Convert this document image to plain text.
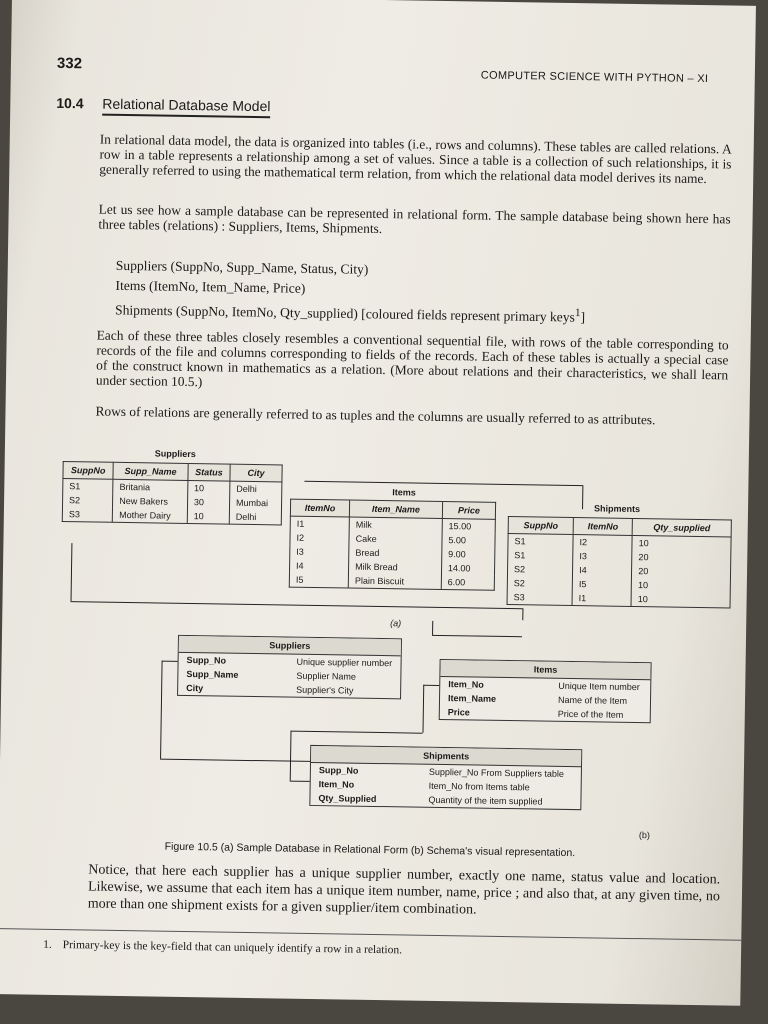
332
COMPUTER SCIENCE WITH PYTHON – XI
10.4 Relational Database Model
In relational data model, the data is organized into tables (i.e., rows and columns). These tables are called relations. A row in a table represents a relationship among a set of values. Since a table is a collection of such relationships, it is generally referred to using the mathematical term relation, from which the relational data model derives its name.
Let us see how a sample database can be represented in relational form. The sample database being shown here has three tables (relations) : Suppliers, Items, Shipments.
Suppliers (SuppNo, Supp_Name, Status, City)
Items (ItemNo, Item_Name, Price)
Shipments (SuppNo, ItemNo, Qty_supplied) [coloured fields represent primary keys$^1$]
Each of these three tables closely resembles a conventional sequential file, with rows of the table corresponding to records of the file and columns corresponding to fields of the records. Each of these tables is actually a special case of the construct known in mathematics as a relation. (More about relations and their characteristics, we shall learn under section 10.5.)
Rows of relations are generally referred to as tuples and the columns are usually referred to as attributes.
Suppliers
SuppNo	Supp_Name	Status	City
S1	Britania	10	Delhi
S2	New Bakers	30	Mumbai
S3	Mother Dairy	10	Delhi
Items
ItemNo	Item_Name	Price
I1	Milk	15.00
I2	Cake	5.00
I3	Bread	9.00
I4	Milk Bread	14.00
I5	Plain Biscuit	6.00
(a)
Shipments
SuppNo	ItemNo	Qty_supplied
S1	I2	10
S1	I3	20
S2	I4	20
S2	I5	10
S3	I1	10
Suppliers
Supp_No	Unique supplier number
Supp_Name	Supplier Name
City	Supplier's City
Items
Item_No	Unique Item number
Item_Name	Name of the Item
Price	Price of the Item
Shipments
Supp_No	Supplier_No From Suppliers table
Item_No	Item_No from Items table
Qty_Supplied	Quantity of the item supplied
(b)
Figure 10.5 (a) Sample Database in Relational Form (b) Schema's visual representation.
Notice, that here each supplier has a unique supplier number, exactly one name, status value and location. Likewise, we assume that each item has a unique item number, name, price ; and also that, at any given time, no more than one shipment exists for a given supplier/item combination.
1. Primary-key is the key-field that can uniquely identify a row in a relation.
